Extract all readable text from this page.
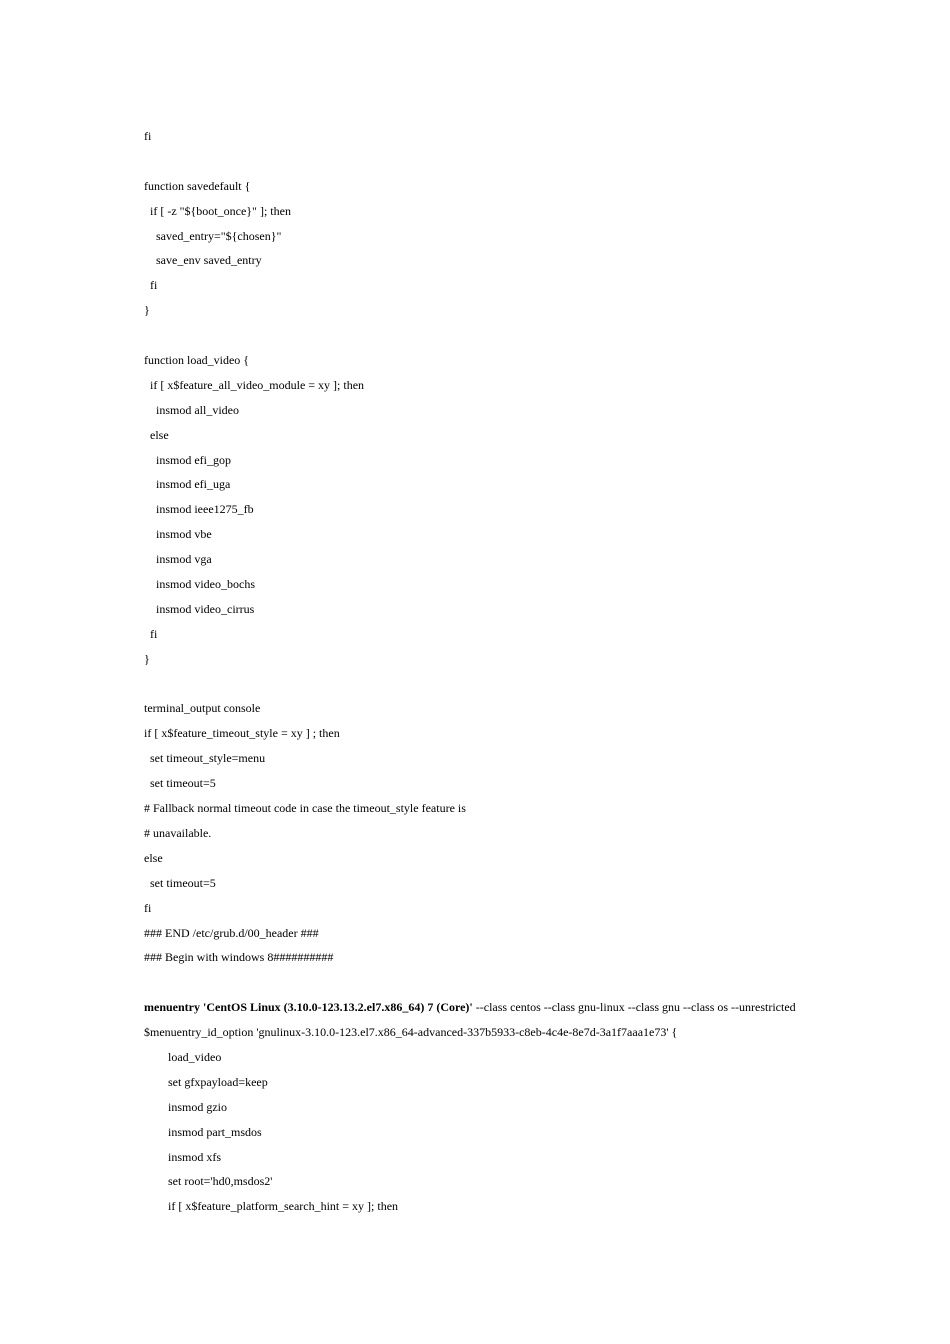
fi
function savedefault {
if [ -z "${boot_once}" ]; then
saved_entry="${chosen}"
save_env saved_entry
fi
}
function load_video {
if [ x$feature_all_video_module = xy ]; then
insmod all_video
else
insmod efi_gop
insmod efi_uga
insmod ieee1275_fb
insmod vbe
insmod vga
insmod video_bochs
insmod video_cirrus
fi
}
terminal_output console
if [ x$feature_timeout_style = xy ] ; then
set timeout_style=menu
set timeout=5
# Fallback normal timeout code in case the timeout_style feature is
# unavailable.
else
set timeout=5
fi
### END /etc/grub.d/00_header ###
### Begin with windows 8##########
menuentry 'CentOS Linux (3.10.0-123.13.2.el7.x86_64) 7 (Core)' --class centos --class gnu-linux --class gnu --class os --unrestricted
$menuentry_id_option 'gnulinux-3.10.0-123.el7.x86_64-advanced-337b5933-c8eb-4c4e-8e7d-3a1f7aaa1e73' {
load_video
set gfxpayload=keep
insmod gzio
insmod part_msdos
insmod xfs
set root='hd0,msdos2'
if [ x$feature_platform_search_hint = xy ]; then
